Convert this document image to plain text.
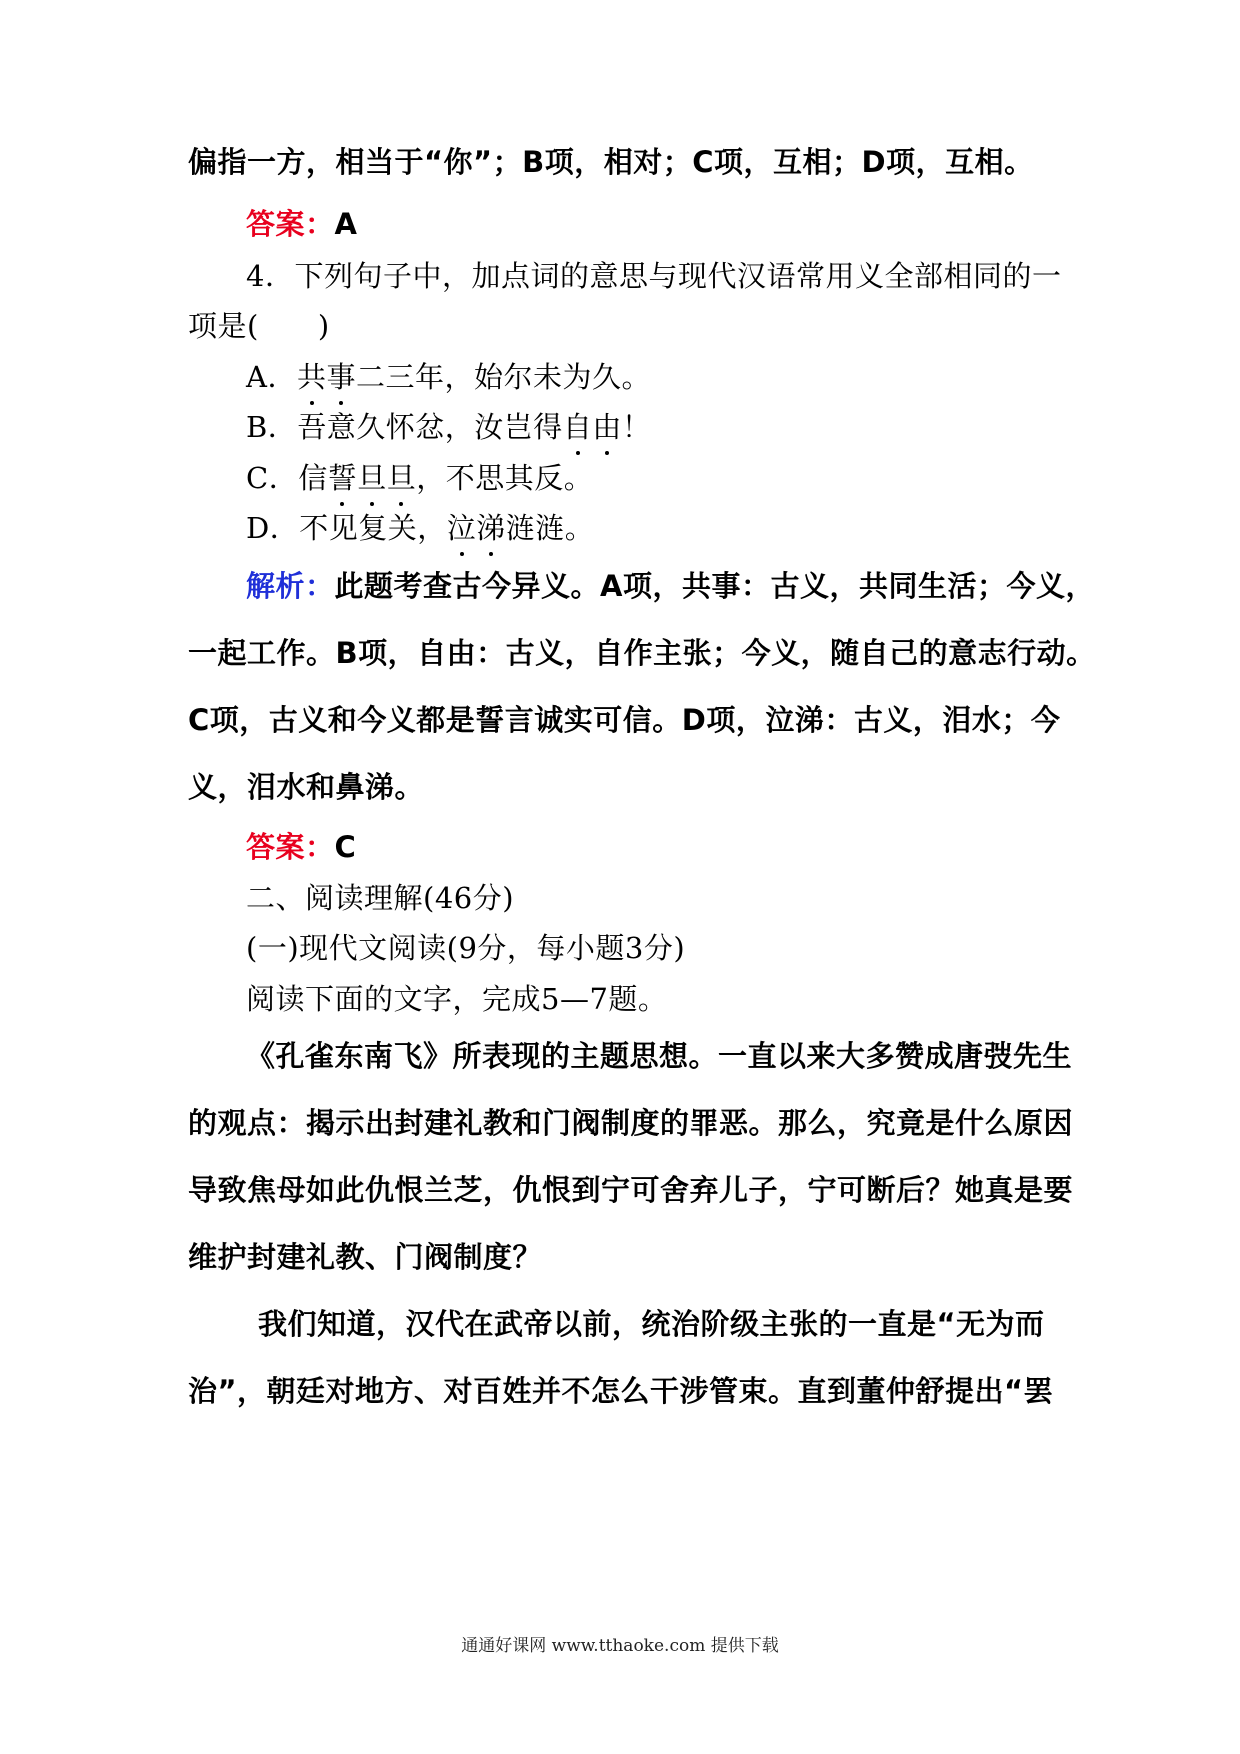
偏指一方，相当于“你”；B项，相对；C项，互相；D项，互相。
答案：A
4．下列句子中，加点词的意思与现代汉语常用义全部相同的一
项是(　　)
A．共事二三年，始尔未为久。
B．吾意久怀忿，汝岂得自由！
C．信誓旦旦，不思其反。
D．不见复关，泣涕涟涟。
解析：此题考查古今异义。A项，共事：古义，共同生活；今义，
一起工作。B项，自由：古义，自作主张；今义，随自己的意志行动。
C项，古义和今义都是誓言诚实可信。D项，泣涕：古义，泪水；今
义，泪水和鼻涕。
答案：C
二、阅读理解(46分)
(一)现代文阅读(9分，每小题3分)
阅读下面的文字，完成5—7题。
《孔雀东南飞》所表现的主题思想。一直以来大多赞成唐弢先生
的观点：揭示出封建礼教和门阀制度的罪恶。那么，究竟是什么原因
导致焦母如此仇恨兰芝，仇恨到宁可舍弃儿子，宁可断后？她真是要
维护封建礼教、门阀制度？
我们知道，汉代在武帝以前，统治阶级主张的一直是“无为而
治”，朝廷对地方、对百姓并不怎么干涉管束。直到董仲舒提出“罢
通通好课网 www.tthaoke.com 提供下载
